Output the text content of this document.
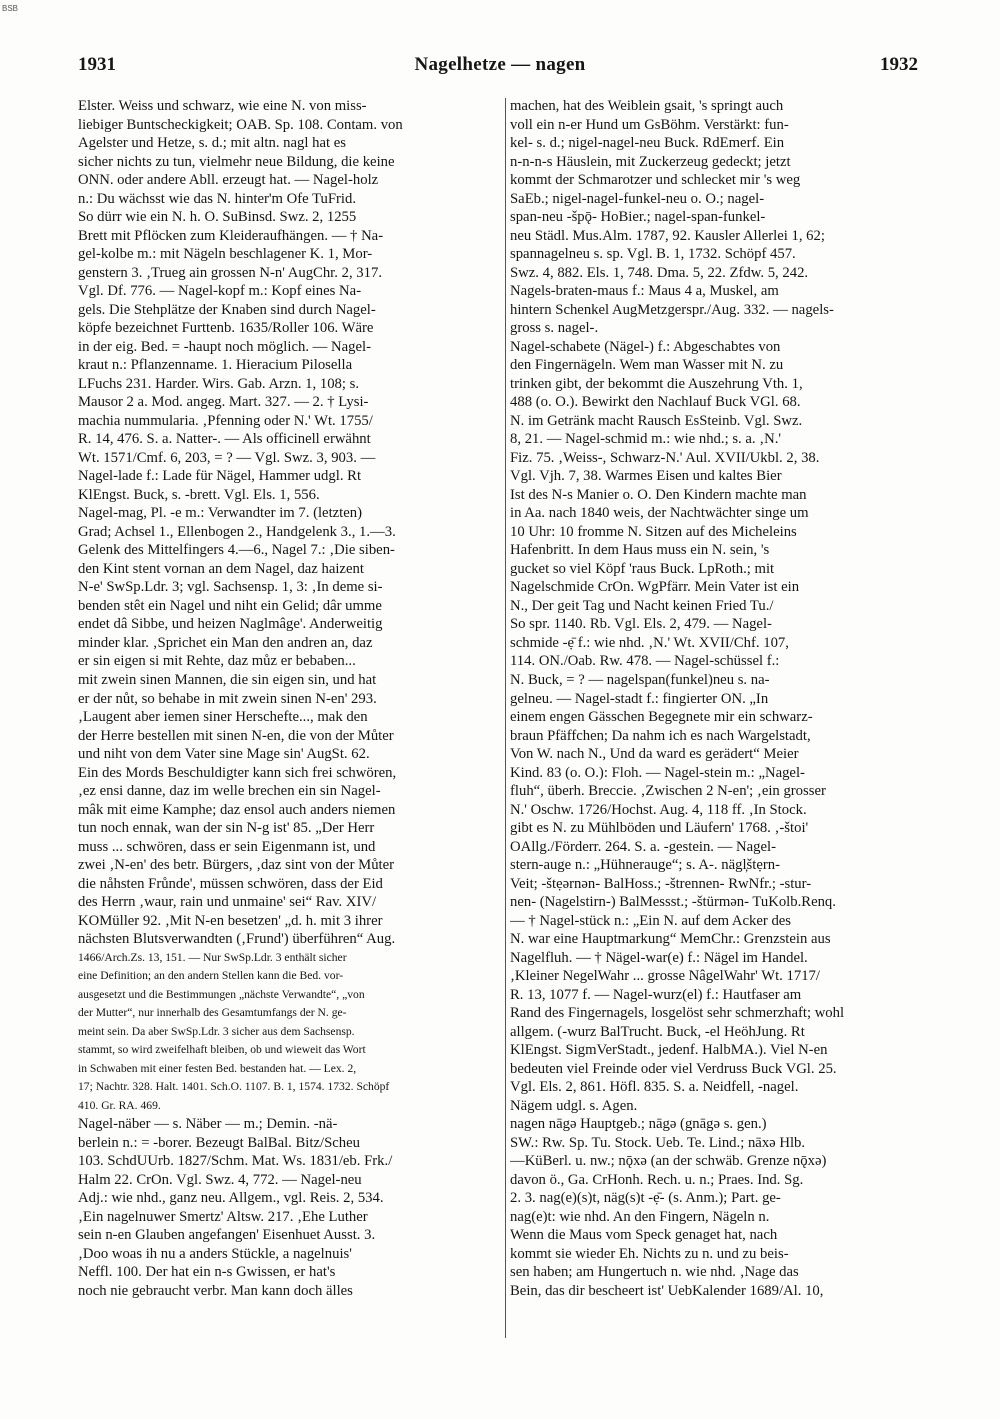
BSB
1931	Nagelhetze — nagen	1932

Elster. Weiss und schwarz, wie eine N. von miss-

liebiger Buntscheckigkeit; OAB. Sp. 108. Contam. von

Agelster und Hetze, s. d.; mit altn. nagl hat es

sicher nichts zu tun, vielmehr neue Bildung, die keine

ONN. oder andere Abll. erzeugt hat. — Nagel-holz

n.: Du wächsst wie das N. hinter'm Ofe TuFrid.

So dürr wie ein N. h. O. SuBinsd. Swz. 2, 1255

Brett mit Pflöcken zum Kleideraufhängen. — † Na-

gel-kolbe m.: mit Nägeln beschlagener K. 1, Mor-

genstern 3. ‚Trueg ain grossen N-n' AugChr. 2, 317.

Vgl. Df. 776. — Nagel-kopf m.: Kopf eines Na-

gels. Die Stehplätze der Knaben sind durch Nagel-

köpfe bezeichnet Furttenb. 1635/Roller 106. Wäre

in der eig. Bed. = -haupt noch möglich. — Nagel-

kraut n.: Pflanzenname. 1. Hieracium Pilosella

LFuchs 231. Harder. Wirs. Gab. Arzn. 1, 108; s.

Mausor 2 a. Mod. angeg. Mart. 327. — 2. † Lysi-

machia nummularia. ‚Pfenning oder N.' Wt. 1755/

R. 14, 476. S. a. Natter-. — Als officinell erwähnt

Wt. 1571/Cmf. 6, 203, = ? — Vgl. Swz. 3, 903. —

Nagel-lade f.: Lade für Nägel, Hammer udgl. Rt

KlEngst. Buck, s. -brett. Vgl. Els. 1, 556.

Nagel-mag, Pl. -e m.: Verwandter im 7. (letzten)

Grad; Achsel 1., Ellenbogen 2., Handgelenk 3., 1.—3.

Gelenk des Mittelfingers 4.—6., Nagel 7.: ‚Die siben-

den Kint stent vornan an dem Nagel, daz haizent

N-e' SwSp.Ldr. 3; vgl. Sachsensp. 1, 3: ‚In deme si-

benden stêt ein Nagel und niht ein Gelid; dâr umme

endet dâ Sibbe, und heizen Naglmâge'. Anderweitig

minder klar. ‚Sprichet ein Man den andren an, daz

er sin eigen si mit Rehte, daz můz er bebaben...

mit zwein sinen Mannen, die sin eigen sin, und hat

er der nůt, so behabe in mit zwein sinen N-en' 293.

‚Laugent aber iemen siner Herschefte..., mak den

der Herre bestellen mit sinen N-en, die von der Můter

und niht von dem Vater sine Mage sin' AugSt. 62.

Ein des Mords Beschuldigter kann sich frei schwören,

‚ez ensi danne, daz im welle brechen ein sin Nagel-

mâk mit eime Kamphe; daz ensol auch anders niemen

tun noch ennak, wan der sin N-g ist' 85. „Der Herr

muss ... schwören, dass er sein Eigenmann ist, und

zwei ‚N-en' des betr. Bürgers, ‚daz sint von der Můter

die nåhsten Frůnde', müssen schwören, dass der Eid

des Herrn ‚waur, rain und unmaine' sei“ Rav. XIV/

KOMüller 92. ‚Mit N-en besetzen' „d. h. mit 3 ihrer

nächsten Blutsverwandten (‚Frund') überführen“ Aug.

1466/Arch.Zs. 13, 151. — Nur SwSp.Ldr. 3 enthält sicher

eine Definition; an den andern Stellen kann die Bed. vor-

ausgesetzt und die Bestimmungen „nächste Verwandte“, „von

der Mutter“, nur innerhalb des Gesamtumfangs der N. ge-

meint sein. Da aber SwSp.Ldr. 3 sicher aus dem Sachsensp.

stammt, so wird zweifelhaft bleiben, ob und wieweit das Wort

in Schwaben mit einer festen Bed. bestanden hat. — Lex. 2,

17; Nachtr. 328. Halt. 1401. Sch.O. 1107. B. 1, 1574. 1732. Schöpf

410. Gr. RA. 469.

Nagel-näber — s. Näber — m.; Demin. -nä-

berlein n.: = -borer. Bezeugt BalBal. Bitz/Scheu

103. SchdUUrb. 1827/Schm. Mat. Ws. 1831/eb. Frk./

Halm 22. CrOn. Vgl. Swz. 4, 772. — Nagel-neu

Adj.: wie nhd., ganz neu. Allgem., vgl. Reis. 2, 534.

‚Ein nagelnuwer Smertz' Altsw. 217. ‚Ehe Luther

sein n-en Glauben angefangen' Eisenhuet Ausst. 3.

‚Doo woas ih nu a anders Stückle, a nagelnuis'

Neffl. 100. Der hat ein n-s Gwissen, er hat's

noch nie gebraucht verbr. Man kann doch älles

machen, hat des Weiblein gsait, 's springt auch

voll ein n-er Hund um GsBöhm. Verstärkt: fun-

kel- s. d.; nigel-nagel-neu Buck. RdEmerf. Ein

n-n-n-s Häuslein, mit Zuckerzeug gedeckt; jetzt

kommt der Schmarotzer und schlecket mir 's weg

SaEb.; nigel-nagel-funkel-neu o. O.; nagel-

span-neu -špǭ- HoBier.; nagel-span-funkel-

neu Städl. Mus.Alm. 1787, 92. Kausler Allerlei 1, 62;

spannagelneu s. sp. Vgl. B. 1, 1732. Schöpf 457.

Swz. 4, 882. Els. 1, 748. Dma. 5, 22. Zfdw. 5, 242.

Nagels-braten-maus f.: Maus 4 a, Muskel, am

hintern Schenkel AugMetzgerspr./Aug. 332. — nagels-

gross s. nagel-.

Nagel-schabete (Nägel-) f.: Abgeschabtes von

den Fingernägeln. Wem man Wasser mit N. zu

trinken gibt, der bekommt die Auszehrung Vth. 1,

488 (o. O.). Bewirkt den Nachlauf Buck VGl. 68.

N. im Getränk macht Rausch EsSteinb. Vgl. Swz.

8, 21. — Nagel-schmid m.: wie nhd.; s. a. ‚N.'

Fiz. 75. ‚Weiss-, Schwarz-N.' Aul. XVII/Ukbl. 2, 38.

Vgl. Vjh. 7, 38. Warmes Eisen und kaltes Bier

Ist des N-s Manier o. O. Den Kindern machte man

in Aa. nach 1840 weis, der Nachtwächter singe um

10 Uhr: 10 fromme N. Sitzen auf des Micheleins

Hafenbritt. In dem Haus muss ein N. sein, 's

gucket so viel Köpf 'raus Buck. LpRoth.; mit

Nagelschmide CrOn. WgPfärr. Mein Vater ist ein

N., Der geit Tag und Nacht keinen Fried Tu./

So spr. 1140. Rb. Vgl. Els. 2, 479. — Nagel-

schmide -ẹ̄ f.: wie nhd. ‚N.' Wt. XVII/Chf. 107,

114. ON./Oab. Rw. 478. — Nagel-schüssel f.:

N. Buck, = ? — nagelspan(funkel)neu s. na-

gelneu. — Nagel-stadt f.: fingierter ON. „In

einem engen Gässchen Begegnete mir ein schwarz-

braun Pfäffchen; Da nahm ich es nach Wargelstadt,

Von W. nach N., Und da ward es gerädert“ Meier

Kind. 83 (o. O.): Floh. — Nagel-stein m.: „Nagel-

fluh“, überh. Breccie. ‚Zwischen 2 N-en'; ‚ein grosser

N.' Oschw. 1726/Hochst. Aug. 4, 118 ff. ‚In Stock.

gibt es N. zu Mühlböden und Läufern' 1768. ‚-štoi'

OAllg./Förderr. 264. S. a. -gestein. — Nagel-

stern-auge n.: „Hühnerauge“; s. A-. nägl̦štẹrn-

Veit; -štẹərnən- BalHoss.; -štrennen- RwNfr.; -stur-

nen- (Nagelstirn-) BalMessst.; -štürmən- TuKolb.Renq.

— † Nagel-stück n.: „Ein N. auf dem Acker des

N. war eine Hauptmarkung“ MemChr.: Grenzstein aus

Nagelfluh. — † Nägel-war(e) f.: Nägel im Handel.

‚Kleiner NegelWahr ... grosse NâgelWahr' Wt. 1717/

R. 13, 1077 f. — Nagel-wurz(el) f.: Hautfaser am

Rand des Fingernagels, losgelöst sehr schmerzhaft; wohl

allgem. (-wurz BalTrucht. Buck, -el HeöhJung. Rt

KlEngst. SigmVerStadt., jedenf. HalbMA.). Viel N-en

bedeuten viel Freinde oder viel Verdruss Buck VGl. 25.

Vgl. Els. 2, 861. Höfl. 835. S. a. Neidfell, -nagel.

Nägem udgl. s. Agen.

nagen nāgə Hauptgeb.; nāgə (gnāgə s. gen.)

SW.: Rw. Sp. Tu. Stock. Ueb. Te. Lind.; nāxə Hlb.

—KüBerl. u. nw.; nǭxə (an der schwäb. Grenze nǭxə)

davon ö., Ga. CrHonh. Rech. u. n.; Praes. Ind. Sg.

2. 3. nag(e)(s)t, näg(s)t -ẹ̄- (s. Anm.); Part. ge-

nag(e)t: wie nhd. An den Fingern, Nägeln n.

Wenn die Maus vom Speck genaget hat, nach

kommt sie wieder Eh. Nichts zu n. und zu beis-

sen haben; am Hungertuch n. wie nhd. ‚Nage das

Bein, das dir bescheert ist' UebKalender 1689/Al. 10,
